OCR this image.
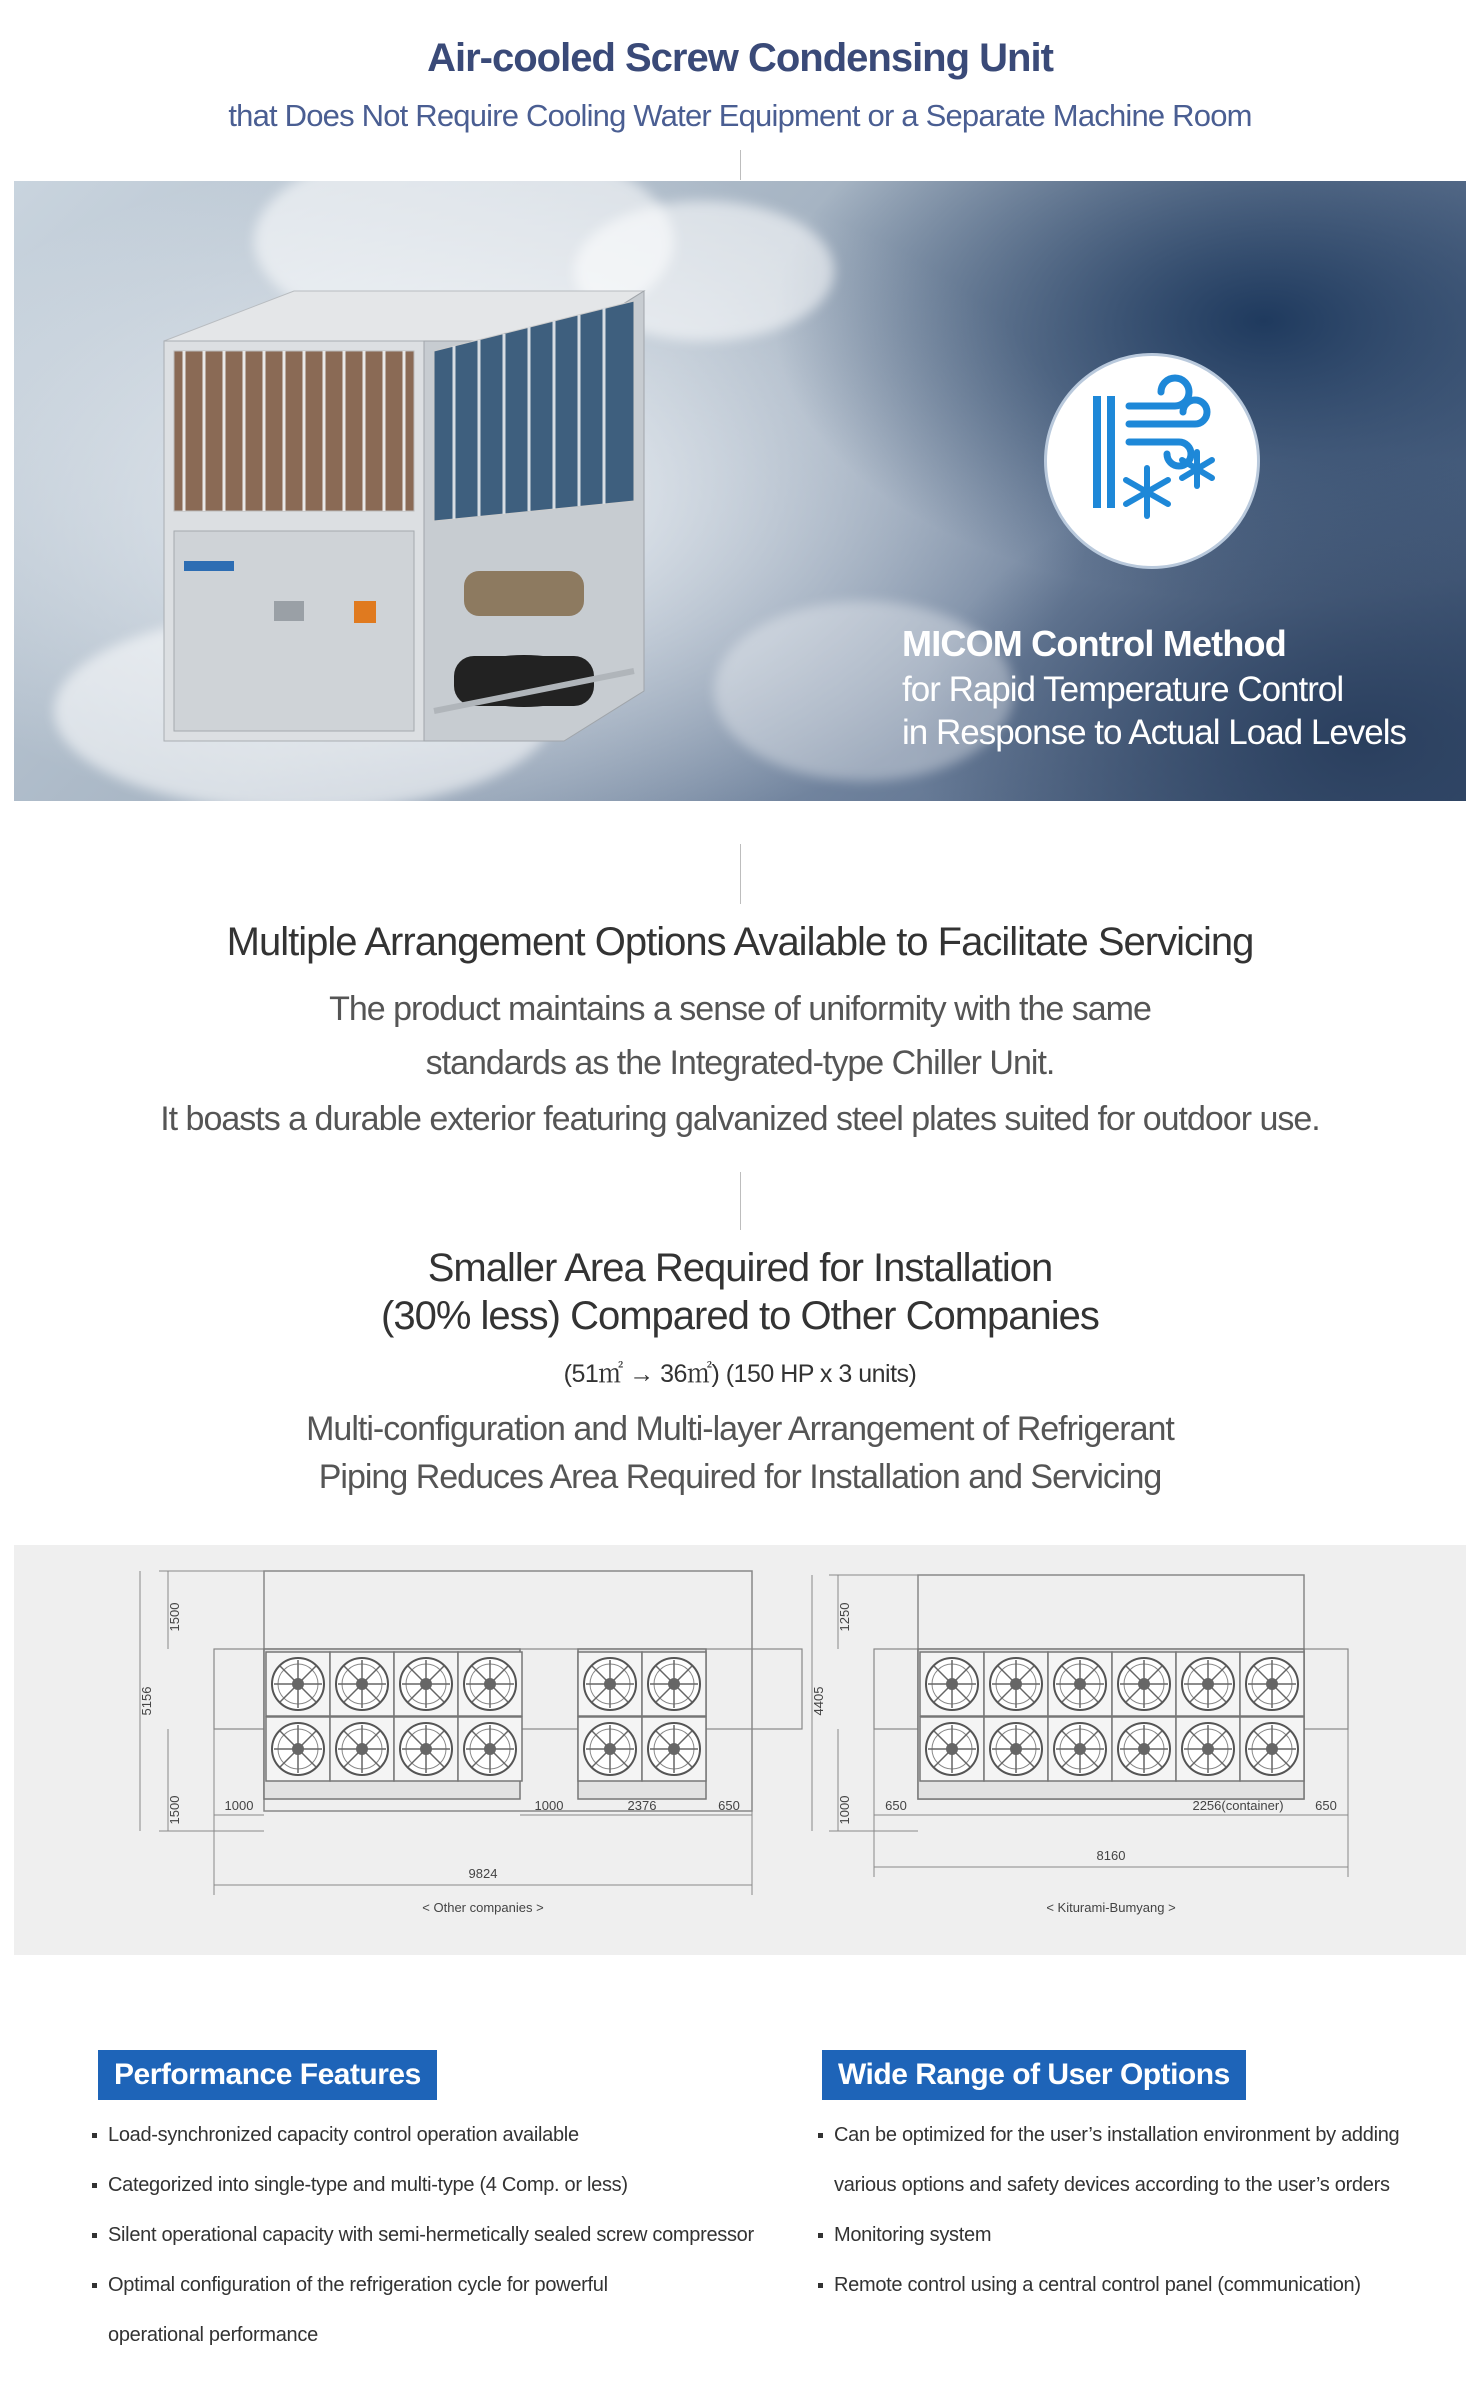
Air-cooled Screw Condensing Unit
that Does Not Require Cooling Water Equipment or a Separate Machine Room
MICOM Control Method
for Rapid Temperature Control
in Response to Actual Load Levels
Multiple Arrangement Options Available to Facilitate Servicing
The product maintains a sense of uniformity with the same
standards as the Integrated-type Chiller Unit.
It boasts a durable exterior featuring galvanized steel plates suited for outdoor use.
Smaller Area Required for Installation
(30% less) Compared to Other Companies
(51㎡ → 36㎡) (150 HP x 3 units)
Multi-configuration and Multi-layer Arrangement of Refrigerant
Piping Reduces Area Required for Installation and Servicing
1500
5156
1500	1000	1000	2376	650
9824
< Other companies >
1250
4405
1000	650	2256(container) 650
8160
< Kiturami-Bumyang >
Performance Features
Load-synchronized capacity control operation available
Categorized into single-type and multi-type (4 Comp. or less)
Silent operational capacity with semi-hermetically sealed screw compressor
Optimal configuration of the refrigeration cycle for powerful
operational performance
Wide Range of User Options
Can be optimized for the user’s installation environment by adding
various options and safety devices according to the user’s orders
Monitoring system
Remote control using a central control panel (communication)
